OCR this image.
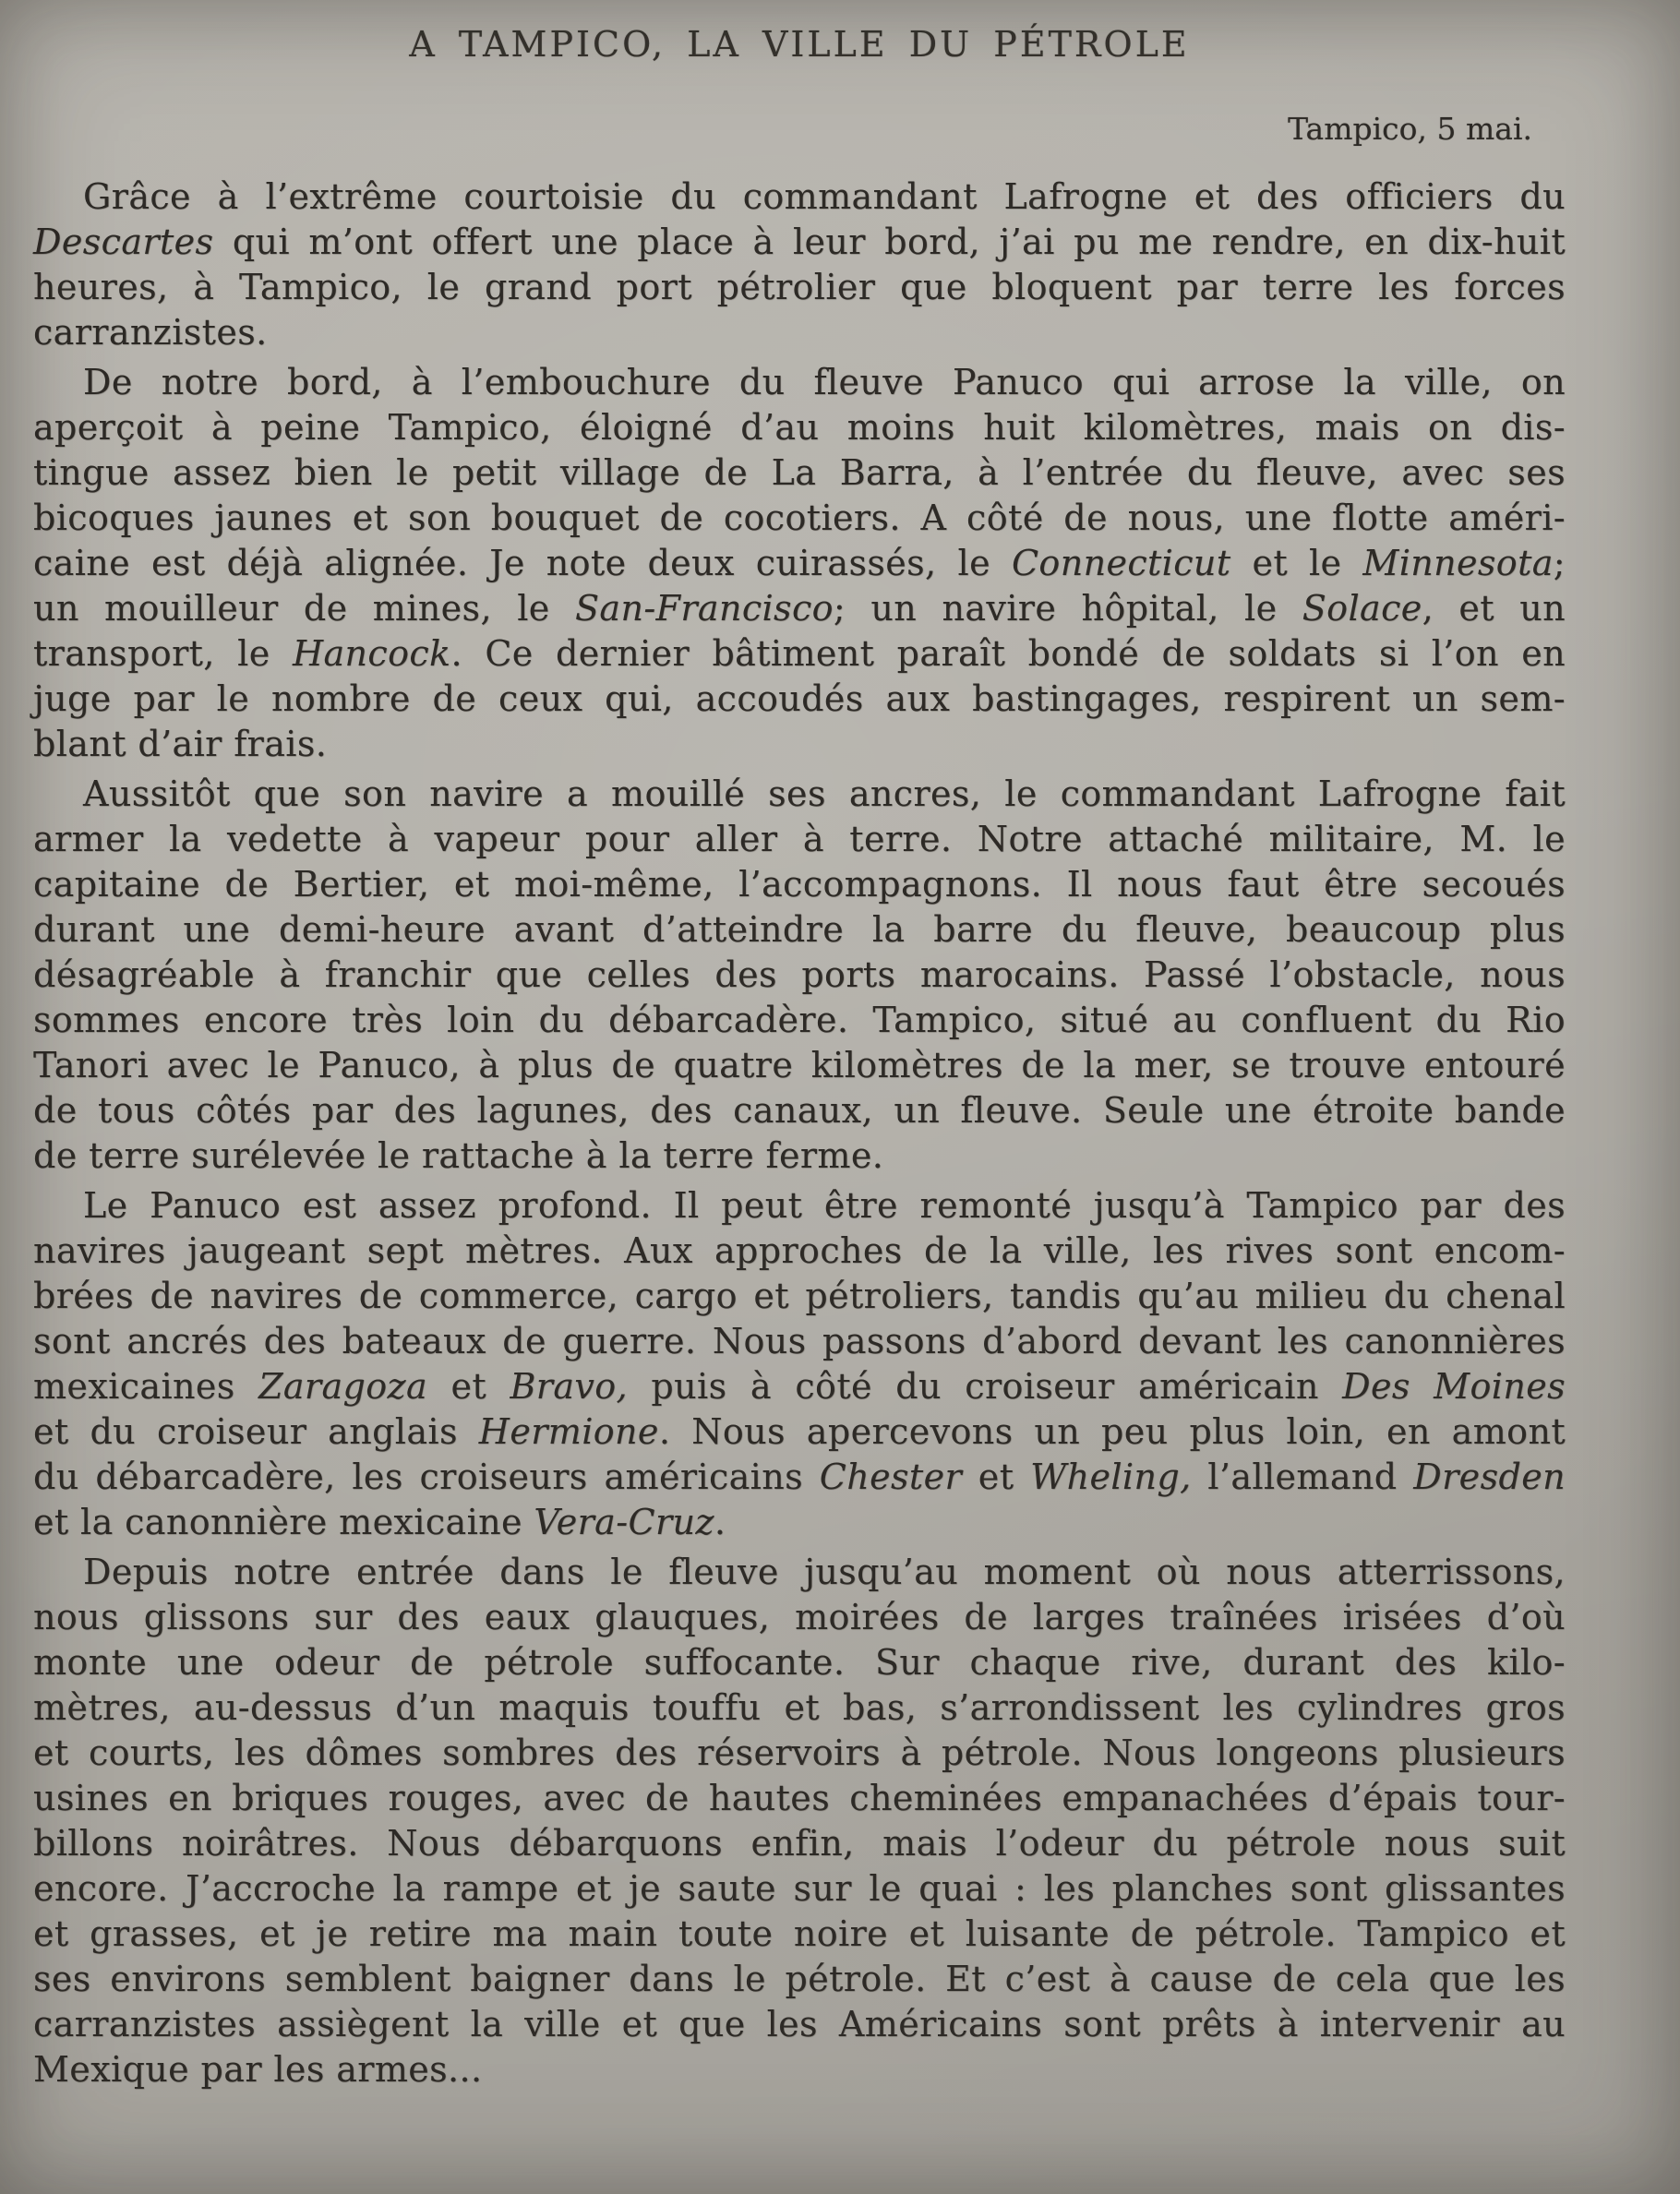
A TAMPICO, LA VILLE DU PÉTROLE
Tampico, 5 mai.
Grâce à l’extrême courtoisie du commandant Lafrogne et des officiers du
Descartes qui m’ont offert une place à leur bord, j’ai pu me rendre, en dix-huit
heures, à Tampico, le grand port pétrolier que bloquent par terre les forces
carranzistes.
De notre bord, à l’embouchure du fleuve Panuco qui arrose la ville, on
aperçoit à peine Tampico, éloigné d’au moins huit kilomètres, mais on dis-
tingue assez bien le petit village de La Barra, à l’entrée du fleuve, avec ses
bicoques jaunes et son bouquet de cocotiers. A côté de nous, une flotte améri-
caine est déjà alignée. Je note deux cuirassés, le Connecticut et le Minnesota;
un mouilleur de mines, le San-Francisco; un navire hôpital, le Solace, et un
transport, le Hancock. Ce dernier bâtiment paraît bondé de soldats si l’on en
juge par le nombre de ceux qui, accoudés aux bastingages, respirent un sem-
blant d’air frais.
Aussitôt que son navire a mouillé ses ancres, le commandant Lafrogne fait
armer la vedette à vapeur pour aller à terre. Notre attaché militaire, M. le
capitaine de Bertier, et moi-même, l’accompagnons. Il nous faut être secoués
durant une demi-heure avant d’atteindre la barre du fleuve, beaucoup plus
désagréable à franchir que celles des ports marocains. Passé l’obstacle, nous
sommes encore très loin du débarcadère. Tampico, situé au confluent du Rio
Tanori avec le Panuco, à plus de quatre kilomètres de la mer, se trouve entouré
de tous côtés par des lagunes, des canaux, un fleuve. Seule une étroite bande
de terre surélevée le rattache à la terre ferme.
Le Panuco est assez profond. Il peut être remonté jusqu’à Tampico par des
navires jaugeant sept mètres. Aux approches de la ville, les rives sont encom-
brées de navires de commerce, cargo et pétroliers, tandis qu’au milieu du chenal
sont ancrés des bateaux de guerre. Nous passons d’abord devant les canonnières
mexicaines Zaragoza et Bravo, puis à côté du croiseur américain Des Moines
et du croiseur anglais Hermione. Nous apercevons un peu plus loin, en amont
du débarcadère, les croiseurs américains Chester et Wheling, l’allemand Dresden
et la canonnière mexicaine Vera-Cruz.
Depuis notre entrée dans le fleuve jusqu’au moment où nous atterrissons,
nous glissons sur des eaux glauques, moirées de larges traînées irisées d’où
monte une odeur de pétrole suffocante. Sur chaque rive, durant des kilo-
mètres, au-dessus d’un maquis touffu et bas, s’arrondissent les cylindres gros
et courts, les dômes sombres des réservoirs à pétrole. Nous longeons plusieurs
usines en briques rouges, avec de hautes cheminées empanachées d’épais tour-
billons noirâtres. Nous débarquons enfin, mais l’odeur du pétrole nous suit
encore. J’accroche la rampe et je saute sur le quai : les planches sont glissantes
et grasses, et je retire ma main toute noire et luisante de pétrole. Tampico et
ses environs semblent baigner dans le pétrole. Et c’est à cause de cela que les
carranzistes assiègent la ville et que les Américains sont prêts à intervenir au
Mexique par les armes...
